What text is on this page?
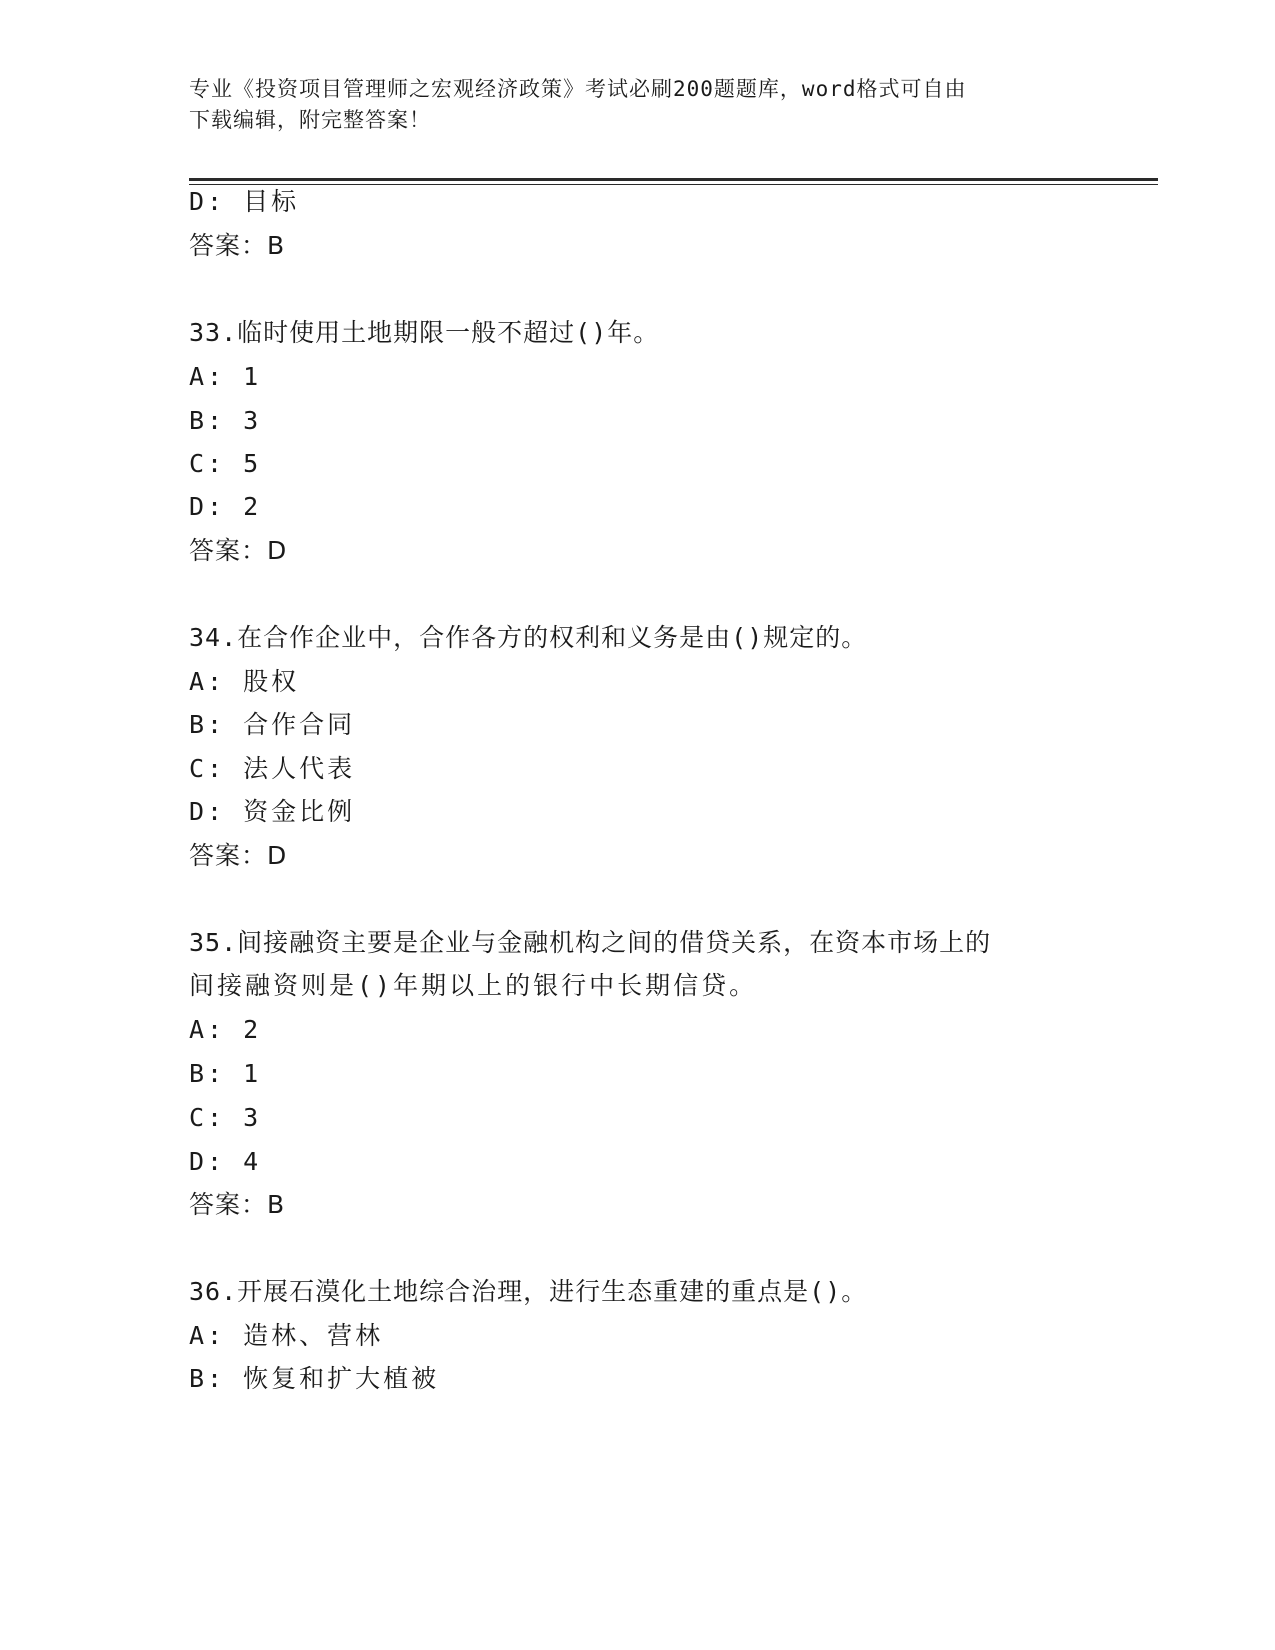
专业《投资项目管理师之宏观经济政策》考试必刷200题题库，word格式可自由
下载编辑，附完整答案！
D: 目标
答案：B
33.临时使用土地期限一般不超过()年。
A: 1
B: 3
C: 5
D: 2
答案：D
34.在合作企业中，合作各方的权利和义务是由()规定的。
A: 股权
B: 合作合同
C: 法人代表
D: 资金比例
答案：D
35.间接融资主要是企业与金融机构之间的借贷关系，在资本市场上的
间接融资则是()年期以上的银行中长期信贷。
A: 2
B: 1
C: 3
D: 4
答案：B
36.开展石漠化土地综合治理，进行生态重建的重点是()。
A: 造林、营林
B: 恢复和扩大植被
